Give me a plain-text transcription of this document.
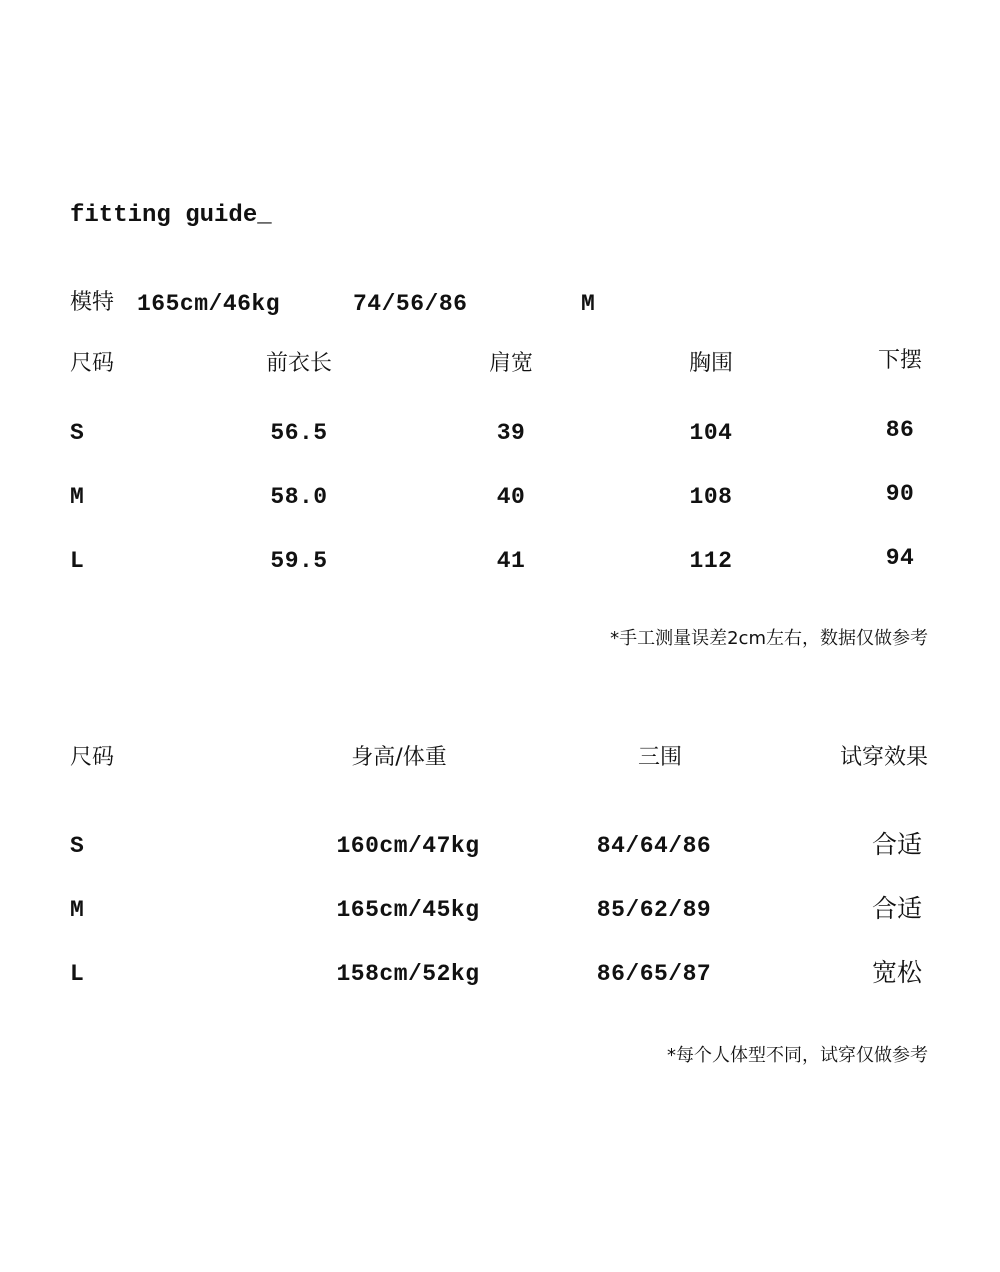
fitting guide_
模特 165cm/46kg	74/56/86	M
尺码	前衣长	肩宽	胸围	下摆
S	56.5	39	104	86
M	58.0	40	108	90
L	59.5	41	112	94
*手工测量误差2cm左右，数据仅做参考
尺码	身高/体重	三围	试穿效果
S	160cm/47kg	84/64/86	合适
M	165cm/45kg	85/62/89	合适
L	158cm/52kg	86/65/87	宽松
*每个人体型不同，试穿仅做参考
